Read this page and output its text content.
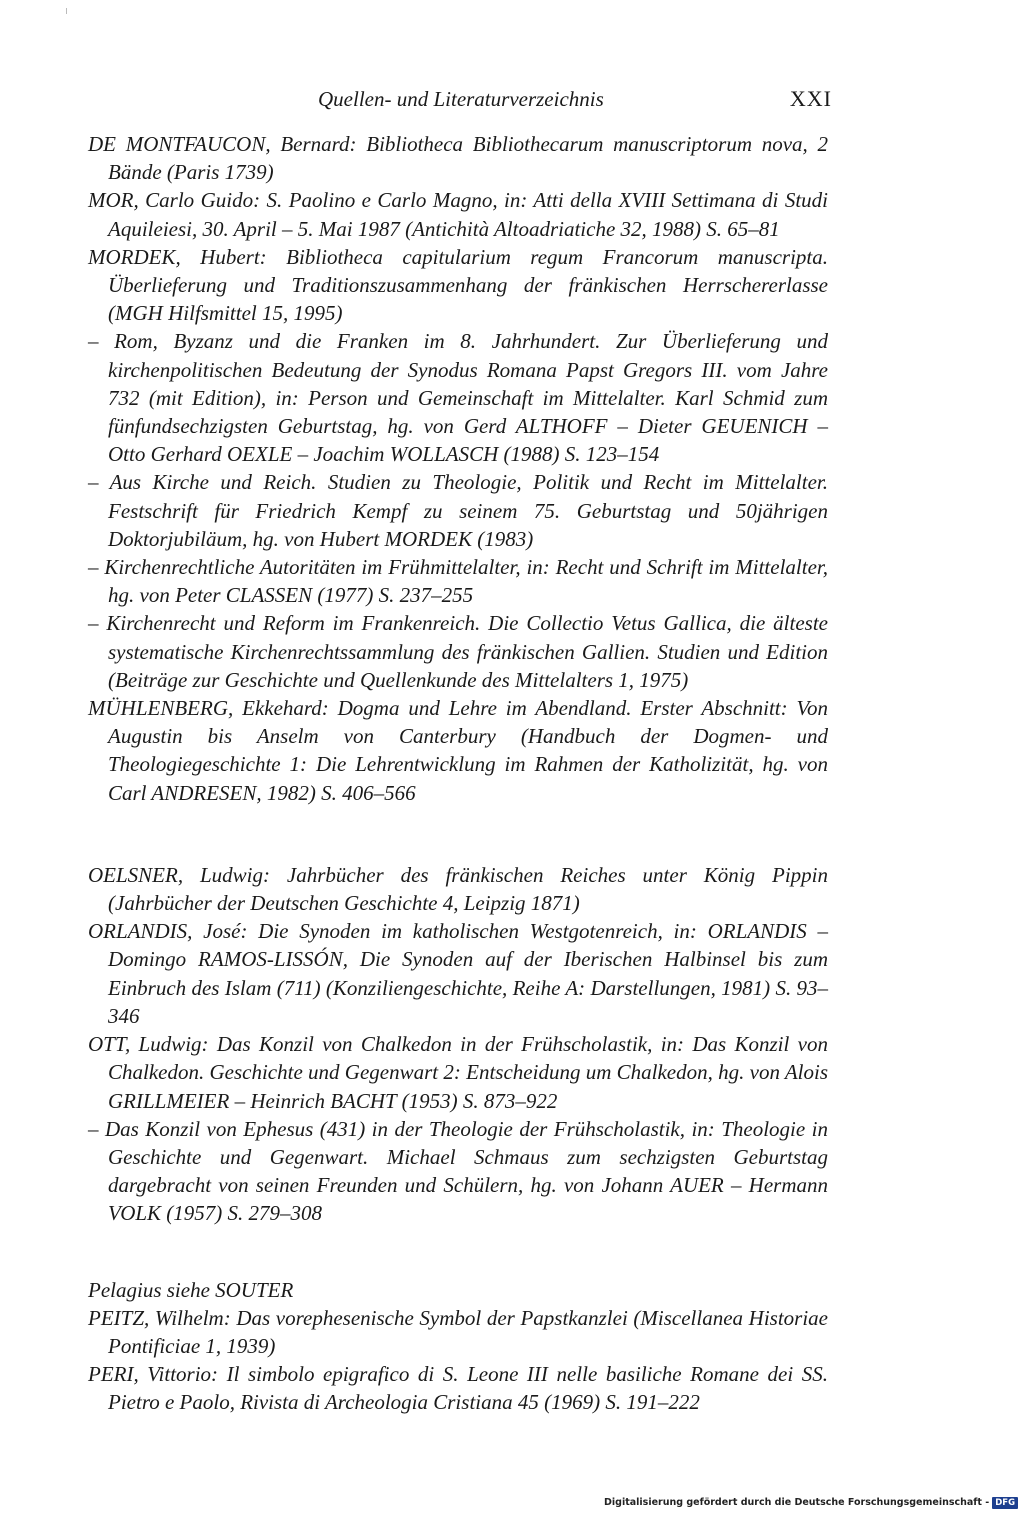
Quellen- und Literaturverzeichnis	XXI
DE MONTFAUCON, Bernard: Bibliotheca Bibliothecarum manuscriptorum nova, 2 Bände (Paris 1739)
MOR, Carlo Guido: S. Paolino e Carlo Magno, in: Atti della XVIII Settimana di Studi Aquileiesi, 30. April – 5. Mai 1987 (Antichità Altoadriatiche 32, 1988) S. 65–81
MORDEK, Hubert: Bibliotheca capitularium regum Francorum manuscripta. Überlieferung und Traditionszusammenhang der fränkischen Herrschererlasse (MGH Hilfsmittel 15, 1995)
– Rom, Byzanz und die Franken im 8. Jahrhundert. Zur Überlieferung und kirchenpolitischen Bedeutung der Synodus Romana Papst Gregors III. vom Jahre 732 (mit Edition), in: Person und Gemeinschaft im Mittelalter. Karl Schmid zum fünfundsechzigsten Geburtstag, hg. von Gerd ALTHOFF – Dieter GEUENICH – Otto Gerhard OEXLE – Joachim WOLLASCH (1988) S. 123–154
– Aus Kirche und Reich. Studien zu Theologie, Politik und Recht im Mittelalter. Festschrift für Friedrich Kempf zu seinem 75. Geburtstag und 50jährigen Doktorjubiläum, hg. von Hubert MORDEK (1983)
– Kirchenrechtliche Autoritäten im Frühmittelalter, in: Recht und Schrift im Mittelalter, hg. von Peter CLASSEN (1977) S. 237–255
– Kirchenrecht und Reform im Frankenreich. Die Collectio Vetus Gallica, die älteste systematische Kirchenrechtssammlung des fränkischen Gallien. Studien und Edition (Beiträge zur Geschichte und Quellenkunde des Mittelalters 1, 1975)
MÜHLENBERG, Ekkehard: Dogma und Lehre im Abendland. Erster Abschnitt: Von Augustin bis Anselm von Canterbury (Handbuch der Dogmen- und Theologiegeschichte 1: Die Lehrentwicklung im Rahmen der Katholizität, hg. von Carl ANDRESEN, 1982) S. 406–566
OELSNER, Ludwig: Jahrbücher des fränkischen Reiches unter König Pippin (Jahrbücher der Deutschen Geschichte 4, Leipzig 1871)
ORLANDIS, José: Die Synoden im katholischen Westgotenreich, in: ORLANDIS – Domingo RAMOS-LISSÓN, Die Synoden auf der Iberischen Halbinsel bis zum Einbruch des Islam (711) (Konziliengeschichte, Reihe A: Darstellungen, 1981) S. 93–346
OTT, Ludwig: Das Konzil von Chalkedon in der Frühscholastik, in: Das Konzil von Chalkedon. Geschichte und Gegenwart 2: Entscheidung um Chalkedon, hg. von Alois GRILLMEIER – Heinrich BACHT (1953) S. 873–922
– Das Konzil von Ephesus (431) in der Theologie der Frühscholastik, in: Theologie in Geschichte und Gegenwart. Michael Schmaus zum sechzigsten Geburtstag dargebracht von seinen Freunden und Schülern, hg. von Johann AUER – Hermann VOLK (1957) S. 279–308
Pelagius siehe SOUTER
PEITZ, Wilhelm: Das vorephesenische Symbol der Papstkanzlei (Miscellanea Historiae Pontificiae 1, 1939)
PERI, Vittorio: Il simbolo epigrafico di S. Leone III nelle basiliche Romane dei SS. Pietro e Paolo, Rivista di Archeologia Cristiana 45 (1969) S. 191–222
Digitalisierung gefördert durch die Deutsche Forschungsgemeinschaft - DFG
